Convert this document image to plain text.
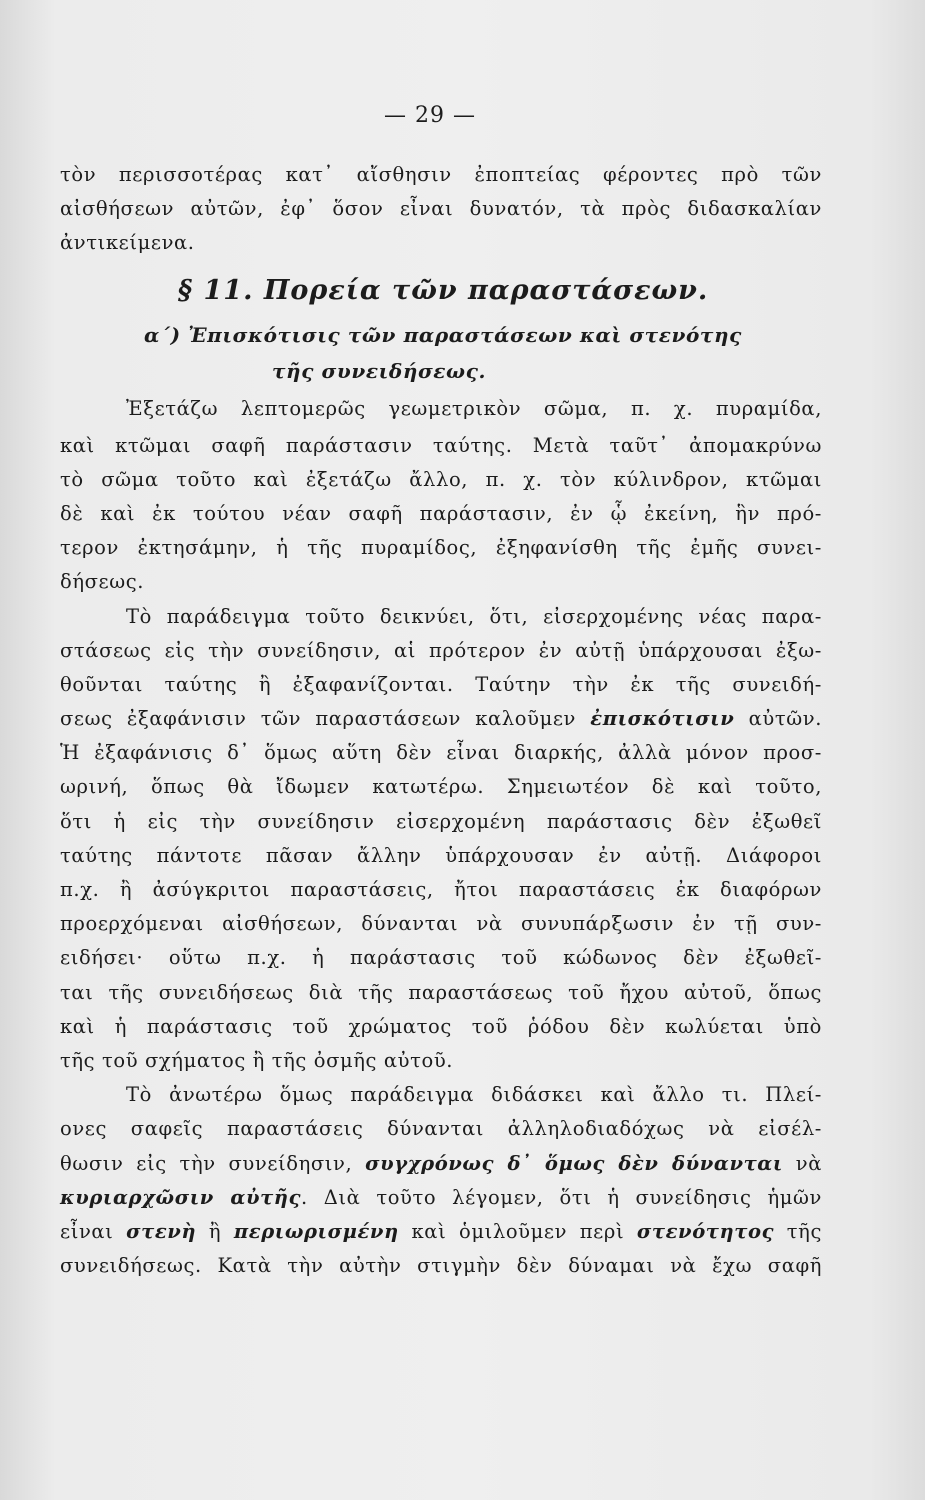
— 29 —
τὸν περισσοτέρας κατ᾿ αἴσθησιν ἐποπτείας φέροντες πρὸ τῶν
αἰσθήσεων αὐτῶν, ἐφ᾿ ὅσον εἶναι δυνατόν, τὰ πρὸς διδασκαλίαν
ἀντικείμενα.
§ 11. Πορεία τῶν παραστάσεων.
α΄) Ἐπισκότισις τῶν παραστάσεων καὶ στενότης
τῆς συνειδήσεως.
Ἐξετάζω λεπτομερῶς γεωμετρικὸν σῶμα, π. χ. πυραμίδα,
καὶ κτῶμαι σαφῆ παράστασιν ταύτης. Μετὰ ταῦτ᾿ ἀπομακρύνω
τὸ σῶμα τοῦτο καὶ ἐξετάζω ἄλλο, π. χ. τὸν κύλινδρον, κτῶμαι
δὲ καὶ ἐκ τούτου νέαν σαφῆ παράστασιν, ἐν ᾧ ἐκείνη, ἣν πρό-
τερον ἐκτησάμην, ἡ τῆς πυραμίδος, ἐξηφανίσθη τῆς ἐμῆς συνει-
δήσεως.
Τὸ παράδειγμα τοῦτο δεικνύει, ὅτι, εἰσερχομένης νέας παρα-
στάσεως εἰς τὴν συνείδησιν, αἱ πρότερον ἐν αὐτῇ ὑπάρχουσαι ἐξω-
θοῦνται ταύτης ἢ ἐξαφανίζονται. Ταύτην τὴν ἐκ τῆς συνειδή-
σεως ἐξαφάνισιν τῶν παραστάσεων καλοῦμεν ἐπισκότισιν αὐτῶν.
Ἡ ἐξαφάνισις δ᾿ ὅμως αὕτη δὲν εἶναι διαρκής, ἀλλὰ μόνον προσ-
ωρινή, ὅπως θὰ ἴδωμεν κατωτέρω. Σημειωτέον δὲ καὶ τοῦτο,
ὅτι ἡ εἰς τὴν συνείδησιν εἰσερχομένη παράστασις δὲν ἐξωθεῖ
ταύτης πάντοτε πᾶσαν ἄλλην ὑπάρχουσαν ἐν αὐτῇ. Διάφοροι
π.χ. ἢ ἀσύγκριτοι παραστάσεις, ἤτοι παραστάσεις ἐκ διαφόρων
προερχόμεναι αἰσθήσεων, δύνανται νὰ συνυπάρξωσιν ἐν τῇ συν-
ειδήσει· οὕτω π.χ. ἡ παράστασις τοῦ κώδωνος δὲν ἐξωθεῖ-
ται τῆς συνειδήσεως διὰ τῆς παραστάσεως τοῦ ἤχου αὐτοῦ, ὅπως
καὶ ἡ παράστασις τοῦ χρώματος τοῦ ῥόδου δὲν κωλύεται ὑπὸ
τῆς τοῦ σχήματος ἢ τῆς ὀσμῆς αὐτοῦ.
Τὸ ἀνωτέρω ὅμως παράδειγμα διδάσκει καὶ ἄλλο τι. Πλεί-
ονες σαφεῖς παραστάσεις δύνανται ἀλληλοδιαδόχως νὰ εἰσέλ-
θωσιν εἰς τὴν συνείδησιν, συγχρόνως δ᾿ ὅμως δὲν δύνανται νὰ
κυριαρχῶσιν αὐτῆς. Διὰ τοῦτο λέγομεν, ὅτι ἡ συνείδησις ἡμῶν
εἶναι στενὴ ἢ περιωρισμένη καὶ ὁμιλοῦμεν περὶ στενότητος τῆς
συνειδήσεως. Κατὰ τὴν αὐτὴν στιγμὴν δὲν δύναμαι νὰ ἔχω σαφῆ
